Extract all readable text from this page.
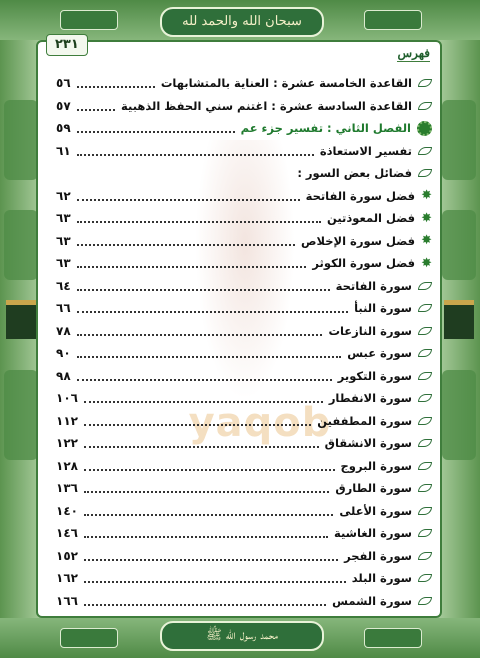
سبحان الله والحمد لله
محمد رسول الله ﷺ
yaqob
٢٣١
فهرس
القاعدة الخامسة عشرة : العناية بالمتشابهات
٥٦
القاعدة السادسة عشرة : اغتنم سني الحفظ الذهبية
٥٧
الفصل الثاني : تفسير جزء عم
٥٩
تفسير الاستعاذة
٦١
فضائل بعض السور :
✸
فضل سورة الفاتحة
٦٢
✸
فضل المعوذتين
٦٣
✸
فضل سورة الإخلاص
٦٣
✸
فضل سورة الكوثر
٦٣
سورة الفاتحة
٦٤
سورة النبأ
٦٦
سورة النازعات
٧٨
سورة عبس
٩٠
سورة التكوير
٩٨
سورة الانفطار
١٠٦
سورة المطففين
١١٢
سورة الانشقاق
١٢٢
سورة البروج
١٢٨
سورة الطارق
١٣٦
سورة الأعلى
١٤٠
سورة الغاشية
١٤٦
سورة الفجر
١٥٢
سورة البلد
١٦٢
سورة الشمس
١٦٦
